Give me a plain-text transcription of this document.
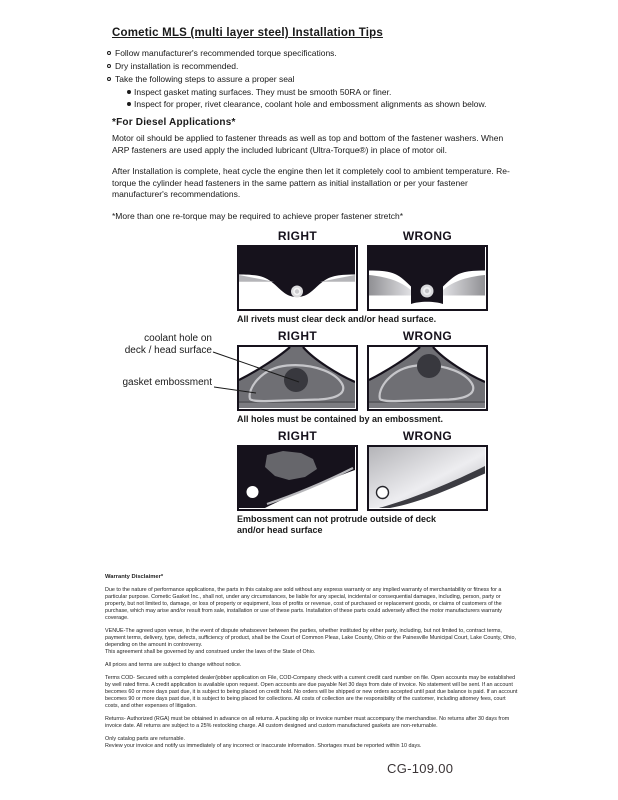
Cometic MLS (multi layer steel) Installation Tips
Follow manufacturer's recommended torque specifications.
Dry installation is recommended.
Take the following steps to assure a proper seal
Inspect gasket mating surfaces. They must be smooth 50RA or finer.
Inspect for proper, rivet clearance, coolant hole and embossment alignments as shown below.
*For Diesel Applications*
Motor oil should be applied to fastener threads as well as top and bottom of the fastener washers. When ARP fasteners are used apply the included lubricant (Ultra-Torque®) in place of motor oil.
After Installation is complete, heat cycle the engine then let it completely cool to ambient temperature. Re-torque the cylinder head fasteners in the same pattern as initial installation or per your fastener manufacturer's recommendations.
*More than one re-torque may be required to achieve proper fastener stretch*
RIGHT	WRONG
All rivets must clear deck and/or head surface.
RIGHT	WRONG
All holes must be contained by an embossment.
coolant hole on
deck / head surface
gasket embossment
RIGHT	WRONG
Embossment can not protrude outside of deck
and/or head surface
Warranty Disclaimer*
Due to the nature of performance applications, the parts in this catalog are sold without any express warranty or any implied warranty of merchantability or fitness for a particular purpose. Cometic Gasket Inc., shall not, under any circumstances, be liable for any special, incidental or consequential damages, including, person, party or property, but not limited to, damage, or loss of property or equipment, loss of profits or revenue, cost of purchased or replacement goods, or claims of customers of the purchase, which may arise and/or result from sale, installation or use of these parts. Installation of these parts could adversely affect the motor manufacturers warranty coverage.
VENUE-The agreed upon venue, in the event of dispute whatsoever between the parties, whether instituted by either party, including, but not limited to, contract terms, payment terms, delivery, type, defects, sufficiency of product, shall be the Court of Common Pleas, Lake County, Ohio or the Painesville Municipal Court, Lake County, Ohio, depending on the amount in controversy.
This agreement shall be governed by and construed under the laws of the State of Ohio.
All prices and terms are subject to change without notice.
Terms COD- Secured with a completed dealer/jobber application on File, COD-Company check with a current credit card number on file. Open accounts may be established by well rated firms. A credit application is available upon request. Open accounts are due payable Net 30 days from date of invoice. No statement will be sent. If an account becomes 60 or more days past due, it is subject to being placed on credit hold. No orders will be shipped or new orders accepted until past due balance is paid. If an account becomes 90 or more days past due, it is subject to being placed for collections. All costs of collection are the responsibility of the customer, including attorney fees, court costs, and other expenses of litigation.
Returns- Authorized (RGA) must be obtained in advance on all returns. A packing slip or invoice number must accompany the merchandise. No returns after 30 days from invoice date. All returns are subject to a 25% restocking charge. All custom designed and custom manufactured gaskets are non-returnable.
Only catalog parts are returnable.
Review your invoice and notify us immediately of any incorrect or inaccurate information. Shortages must be reported within 10 days.
CG-109.00
